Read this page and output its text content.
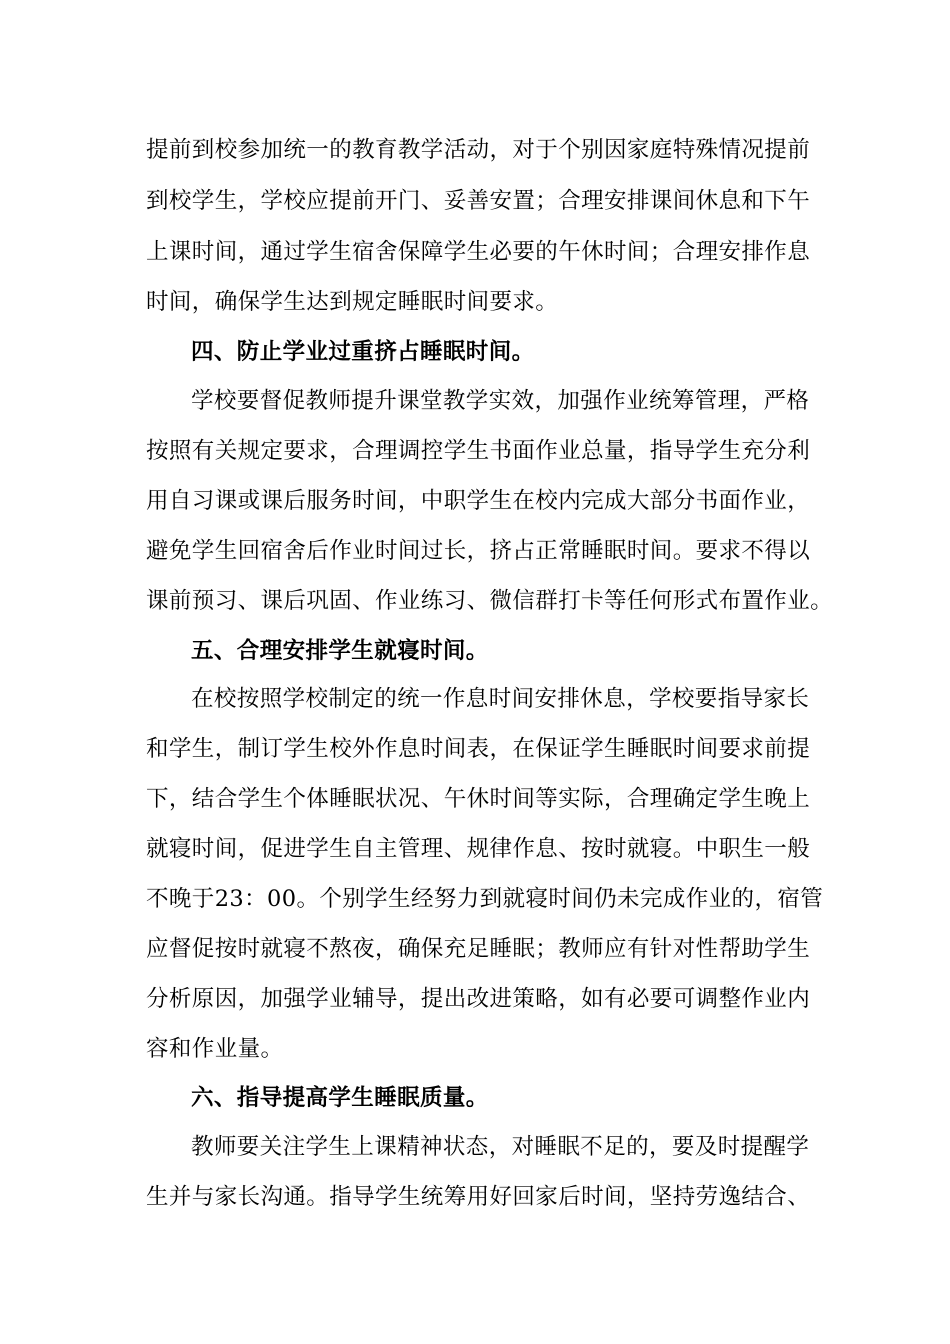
提前到校参加统一的教育教学活动，对于个别因家庭特殊情况提前
到校学生，学校应提前开门、妥善安置；合理安排课间休息和下午
上课时间，通过学生宿舍保障学生必要的午休时间；合理安排作息
时间，确保学生达到规定睡眠时间要求。
四、防止学业过重挤占睡眠时间。
学校要督促教师提升课堂教学实效，加强作业统筹管理，严格
按照有关规定要求，合理调控学生书面作业总量，指导学生充分利
用自习课或课后服务时间，中职学生在校内完成大部分书面作业，
避免学生回宿舍后作业时间过长，挤占正常睡眠时间。要求不得以
课前预习、课后巩固、作业练习、微信群打卡等任何形式布置作业。
五、合理安排学生就寝时间。
在校按照学校制定的统一作息时间安排休息，学校要指导家长
和学生，制订学生校外作息时间表，在保证学生睡眠时间要求前提
下，结合学生个体睡眠状况、午休时间等实际，合理确定学生晚上
就寝时间，促进学生自主管理、规律作息、按时就寝。中职生一般
不晚于23：00。个别学生经努力到就寝时间仍未完成作业的，宿管
应督促按时就寝不熬夜，确保充足睡眠；教师应有针对性帮助学生
分析原因，加强学业辅导，提出改进策略，如有必要可调整作业内
容和作业量。
六、指导提高学生睡眠质量。
教师要关注学生上课精神状态，对睡眠不足的，要及时提醒学
生并与家长沟通。指导学生统筹用好回家后时间，坚持劳逸结合、
